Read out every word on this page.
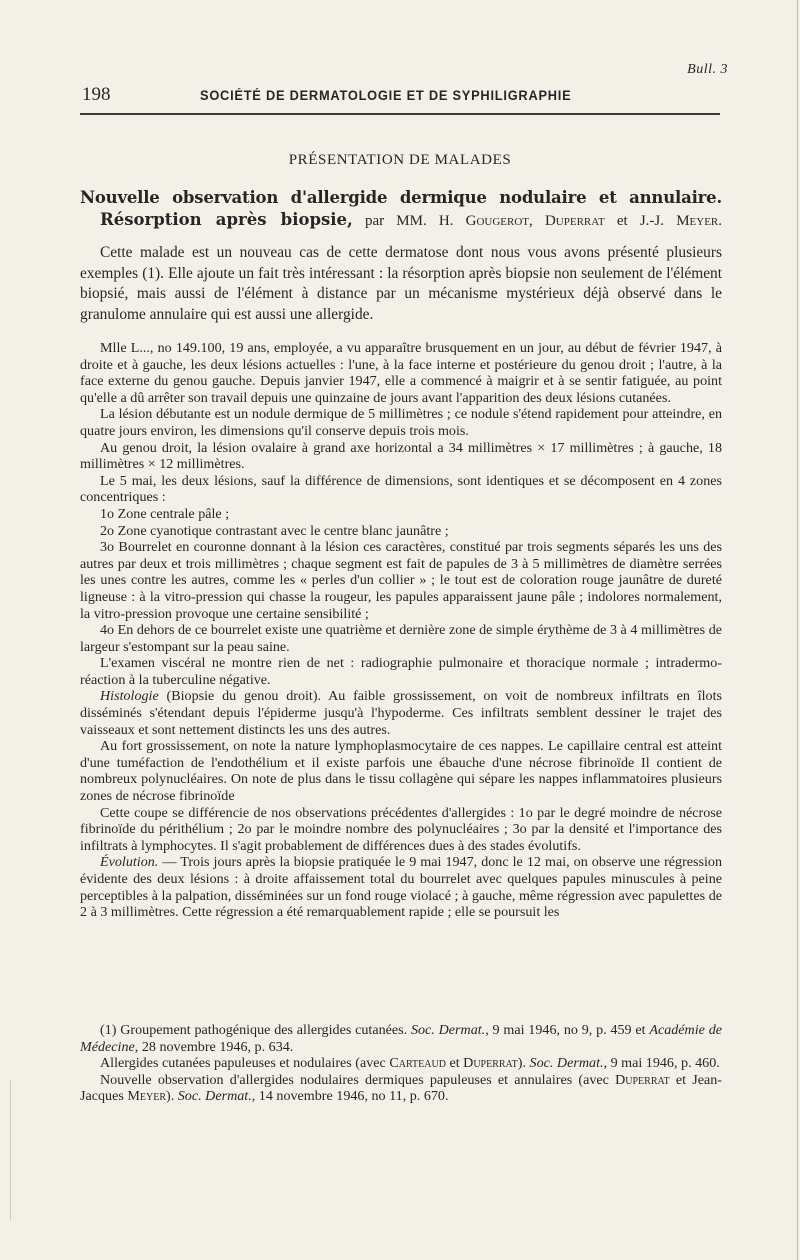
Bull. 3
198	SOCIÉTÉ DE DERMATOLOGIE ET DE SYPHILIGRAPHIE
PRÉSENTATION DE MALADES
Nouvelle observation d'allergide dermique nodulaire et annulaire.
Résorption après biopsie, par MM. H. Gougerot, Duperrat et J.-J. Meyer.

Cette malade est un nouveau cas de cette dermatose dont nous vous avons présenté plusieurs exemples (1). Elle ajoute un fait très intéressant : la résorption après biopsie non seulement de l'élément biopsié, mais aussi de l'élément à distance par un mécanisme mystérieux déjà observé dans le granulome annulaire qui est aussi une allergide.

Mlle L..., no 149.100, 19 ans, employée, a vu apparaître brusquement en un jour, au début de février 1947, à droite et à gauche, les deux lésions actuelles : l'une, à la face interne et postérieure du genou droit ; l'autre, à la face externe du genou gauche. Depuis janvier 1947, elle a commencé à maigrir et à se sentir fatiguée, au point qu'elle a dû arrêter son travail depuis une quinzaine de jours avant l'apparition des deux lésions cutanées.

La lésion débutante est un nodule dermique de 5 millimètres ; ce nodule s'étend rapidement pour atteindre, en quatre jours environ, les dimensions qu'il conserve depuis trois mois.

Au genou droit, la lésion ovalaire à grand axe horizontal a 34 millimètres × 17 millimètres ; à gauche, 18 millimètres × 12 millimètres.

Le 5 mai, les deux lésions, sauf la différence de dimensions, sont identiques et se décomposent en 4 zones concentriques :

1o Zone centrale pâle ;

2o Zone cyanotique contrastant avec le centre blanc jaunâtre ;

3o Bourrelet en couronne donnant à la lésion ces caractères, constitué par trois segments séparés les uns des autres par deux et trois millimètres ; chaque segment est fait de papules de 3 à 5 millimètres de diamètre serrées les unes contre les autres, comme les « perles d'un collier » ; le tout est de coloration rouge jaunâtre de dureté ligneuse : à la vitro-pression qui chasse la rougeur, les papules apparaissent jaune pâle ; indolores normalement, la vitro-pression provoque une certaine sensibilité ;

4o En dehors de ce bourrelet existe une quatrième et dernière zone de simple érythème de 3 à 4 millimètres de largeur s'estompant sur la peau saine.

L'examen viscéral ne montre rien de net : radiographie pulmonaire et thoracique normale ; intradermo-réaction à la tuberculine négative.

Histologie (Biopsie du genou droit). Au faible grossissement, on voit de nombreux infiltrats en îlots disséminés s'étendant depuis l'épiderme jusqu'à l'hypoderme. Ces infiltrats semblent dessiner le trajet des vaisseaux et sont nettement distincts les uns des autres.

Au fort grossissement, on note la nature lymphoplasmocytaire de ces nappes. Le capillaire central est atteint d'une tuméfaction de l'endothélium et il existe parfois une ébauche d'une nécrose fibrinoïde Il contient de nombreux polynucléaires. On note de plus dans le tissu collagène qui sépare les nappes inflammatoires plusieurs zones de nécrose fibrinoïde

Cette coupe se différencie de nos observations précédentes d'allergides : 1o par le degré moindre de nécrose fibrinoïde du périthélium ; 2o par le moindre nombre des polynucléaires ; 3o par la densité et l'importance des infiltrats à lymphocytes. Il s'agit probablement de différences dues à des stades évolutifs.

Évolution. — Trois jours après la biopsie pratiquée le 9 mai 1947, donc le 12 mai, on observe une régression évidente des deux lésions : à droite affaissement total du bourrelet avec quelques papules minuscules à peine perceptibles à la palpation, disséminées sur un fond rouge violacé ; à gauche, même régression avec papulettes de 2 à 3 millimètres. Cette régression a été remarquablement rapide ; elle se poursuit les

(1) Groupement pathogénique des allergides cutanées. Soc. Dermat., 9 mai 1946, no 9, p. 459 et Académie de Médecine, 28 novembre 1946, p. 634.

Allergides cutanées papuleuses et nodulaires (avec Carteaud et Duperrat). Soc. Dermat., 9 mai 1946, p. 460.

Nouvelle observation d'allergides nodulaires dermiques papuleuses et annulaires (avec Duperrat et Jean-Jacques Meyer). Soc. Dermat., 14 novembre 1946, no 11, p. 670.
